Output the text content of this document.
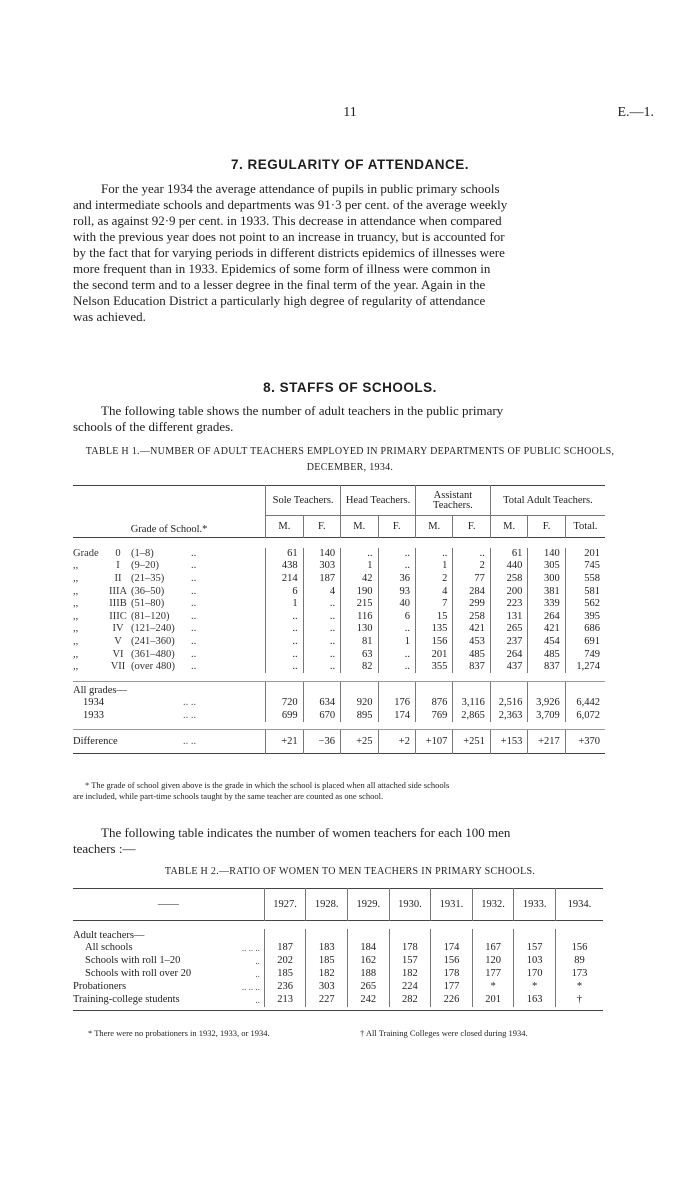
11	E.—1.
7. REGULARITY OF ATTENDANCE.
For the year 1934 the average attendance of pupils in public primary schools
and intermediate schools and departments was 91·3 per cent. of the average weekly
roll, as against 92·9 per cent. in 1933. This decrease in attendance when compared
with the previous year does not point to an increase in truancy, but is accounted for
by the fact that for varying periods in different districts epidemics of illnesses were
more frequent than in 1933. Epidemics of some form of illness were common in
the second term and to a lesser degree in the final term of the year. Again in the
Nelson Education District a particularly high degree of regularity of attendance
was achieved.
8. STAFFS OF SCHOOLS.
The following table shows the number of adult teachers in the public primary
schools of the different grades.
TABLE H 1.—NUMBER OF ADULT TEACHERS EMPLOYED IN PRIMARY DEPARTMENTS OF PUBLIC SCHOOLS,
DECEMBER, 1934.
Grade of School.*	Sole Teachers.		Head Teachers.		Assistant Teachers.		Total Adult Teachers.		
	M.	F.	M.	F.	M.	F.	M.	F.	Total.

Grade 0 (1–8) ..	61	140	..	..	..	..	61	140	201
,, I (9–20) ..	438	303	1	..	1	2	440	305	745
,, II (21–35) ..	214	187	42	36	2	77	258	300	558
,, IIIA (36–50) ..	6	4	190	93	4	284	200	381	581
,, IIIB (51–80) ..	1	..	215	40	7	299	223	339	562
,, IIIC (81–120) ..	..	..	116	6	15	258	131	264	395
,, IV (121–240) ..	..	..	130	..	135	421	265	421	686
,, V (241–360) ..	..	..	81	1	156	453	237	454	691
,, VI (361–480) ..	..	..	63	..	201	485	264	485	749
,, VII (over 480) ..	..	..	82	..	355	837	437	837	1,274

All grades—									
1934 .. ..	720	634	920	176	876	3,116	2,516	3,926	6,442
1933 .. ..	699	670	895	174	769	2,865	2,363	3,709	6,072

Difference .. ..	+21	−36	+25	+2	+107	+251	+153	+217	+370
* The grade of school given above is the grade in which the school is placed when all attached side schools
are included, while part-time schools taught by the same teacher are counted as one school.
The following table indicates the number of women teachers for each 100 men
teachers :—
TABLE H 2.—RATIO OF WOMEN TO MEN TEACHERS IN PRIMARY SCHOOLS.
——		1927.	1928.	1929.	1930.	1931.	1932.	1933.	1934.

Adult teachers—									
All schools	.. .. ..	187	183	184	178	174	167	157	156
Schools with roll 1–20	..	202	185	162	157	156	120	103	89
Schools with roll over 20	..	185	182	188	182	178	177	170	173
Probationers	.. .. ..	236	303	265	224	177	*	*	*
Training-college students	..	213	227	242	282	226	201	163	†

* There were no probationers in 1932, 1933, or 1934.	† All Training Colleges were closed during 1934.
